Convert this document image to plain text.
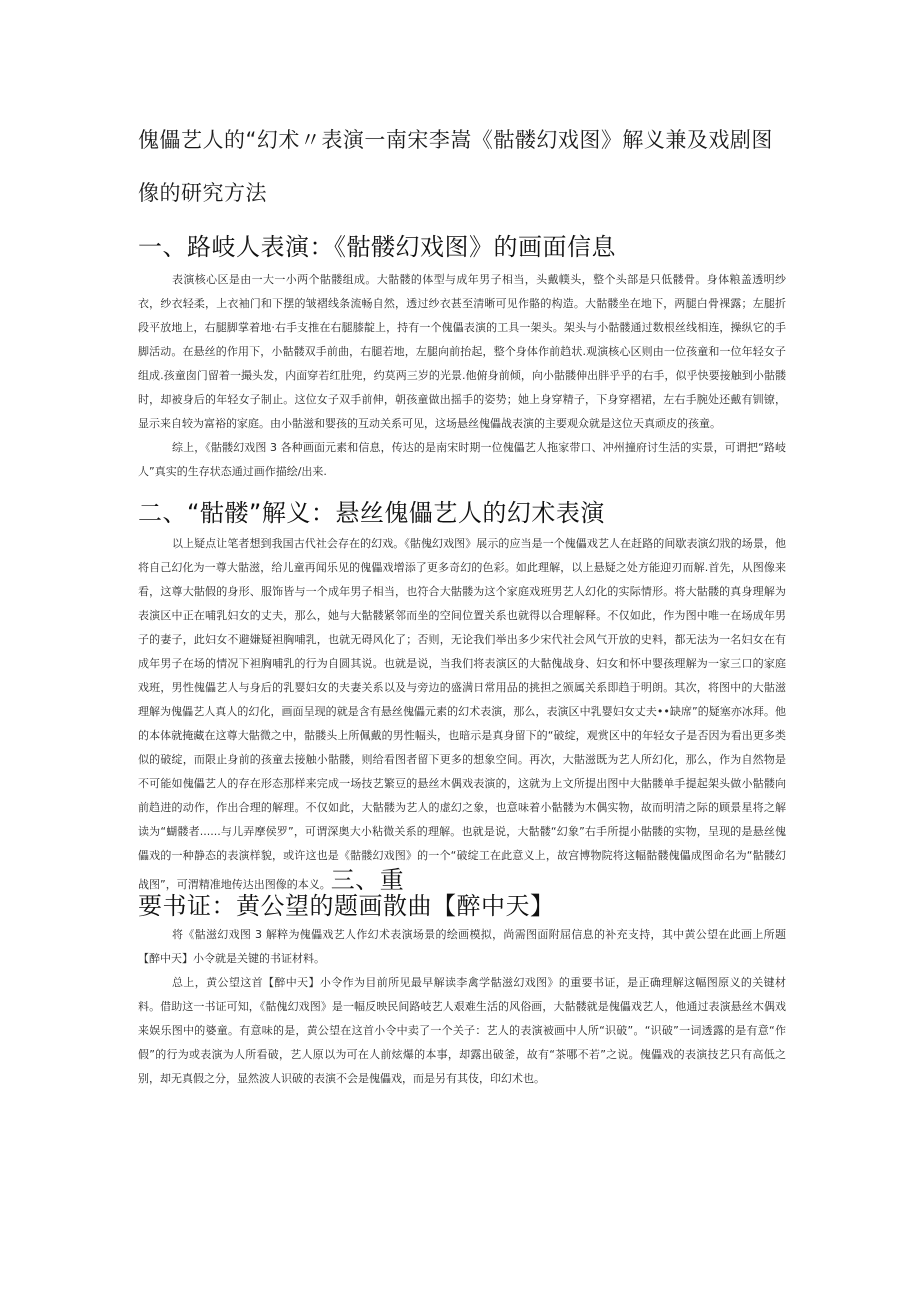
傀儡艺人的“幻术〃表演一南宋李嵩《骷髅幻戏图》解义兼及戏剧图
像的研究方法
一、路岐人表演：《骷髅幻戏图》的画面信息

表演核心区是由一大一小两个骷髅组成。大骷髅的体型与成年男子相当，头戴幞头，整个头部是只低髅骨。身体粮盖透明纱衣，纱衣轻柔，上衣袖门和下摆的皱褶线条流畅自然，透过纱衣甚至清晰可见作骼的构造。大骷髅坐在地下，两腿白骨裸露；左腿折段平放地上，右腿脚掌着地·右手支推在右腿膝靛上，持有一个傀儡表演的工具一架头。架头与小骷髅通过数根丝线相连，操纵它的手脚活动。在悬丝的作用下，小骷髅双手前曲，右腿若地，左腿向前抬起，整个身体作前趋状.观演核心区则由一位孩童和一位年轻女子组成.孩童囱门留着一撮头发，内面穿若红肚兜，约莫两三岁的光景.他俯身前倾，向小骷髅伸出胖乎乎的右手，似乎快要接触到小骷髅时，却被身后的年轻女子制止。这位女子双手前伸，朝孩童做出摇手的姿势；她上身穿精子，下身穿褶裙，左右手腕处还戴有钏镣，显示来自较为富裕的家庭。由小骷滋和婴孩的互动关系可见，这场悬丝傀儡战表演的主要观众就是这位天真顽皮的孩童。

综上，《骷髅幻戏图 3 各种画面元素和信息，传达的是南宋时期一位傀儡艺人拖家带口、冲州撞府讨生活的实景，可谓把“路岐人”真实的生存状态通过画作描绘/出来.

二、“骷髅”解义：悬丝傀儡艺人的幻术表演

以上疑点让笔者想到我国古代社会存在的幻戏。《骷傀幻戏图》展示的应当是一个傀儡戏艺人在赶路的间歇表演幻戕的场景，他将自己幻化为一尊大骷滋，给儿童再闻乐见的傀儡戏增添了更多奇幻的色彩。如此理解，以上悬疑之处方能迎刃而解.首先，从图像来看，这尊大骷假的身形、服饰皆与一个成年男子相当，也符合大骷髅为这个家庭戏班男艺人幻化的实际情形。将大骷髅的真身理解为表演区中正在哺乳妇女的丈夫，那么，她与大骷髅紧邻而坐的空间位置关系也就得以合理解释。不仅如此，作为图中唯一在场成年男子的妻子，此妇女不避嫌疑袒胸哺乳，也就无碍风化了；否则，无论我们举出多少宋代社会风气开放的史料，都无法为一名妇女在有成年男子在场的情况下袒胸哺乳的行为自圆其说。也就是说，当我们将表演区的大骷傀战身、妇女和怀中婴孩理解为一家三口的家庭戏班，男性傀儡艺人与身后的乳婴妇女的夫妻关系以及与旁边的盛满日常用品的挑担之颁属关系即趋于明朗。其次，将图中的大骷滋理解为傀儡艺人真人的幻化，画面呈现的就是含有悬丝傀儡元素的幻术表演，那么，表演区中乳婴妇女丈夫••缺席”的疑塞亦冰拜。他的本体就掩藏在这尊大骷微之中，骷髅头上所佩戴的男性幅头，也暗示是真身留下的“破绽，观赏区中的年轻女子是否因为看出更多类似的破绽，而限止身前的孩童去接触小骷髅，则给看图者留下更多的想象空间。再次，大骷滋既为艺人所幻化，那么，作为自然物是不可能如傀儡艺人的存在形态那样来完成一场技艺繁豆的悬丝木偶戏表演的，这就为上文所提出图中大骷髅单手提起架头做小骷髅向前趋进的动作，作出合理的解理。不仅如此，大骷髅为艺人的虚幻之象，也意味着小骷髅为木偶实物，故而明清之际的顾景星将之解读为“蝴髅者......与儿弄摩侯罗”，可谓深奥大小粘微关系的理解。也就是说，大骷髅“幻象”右手所提小骷髅的实物，呈现的是悬丝傀儡戏的一种静态的表演样貌，或许这也是《骷髅幻戏图》的一个“破绽工在此意义上，故宫博物院将这幅骷髅傀儡成图命名为“骷髅幻战图”，可渭精准地传达出图像的本义。三、重

要书证：黄公望的题画散曲【醉中天】

将《骷滋幻戏图 3 解粹为傀儡戏艺人作幻术表演场景的绘画模拟，尚需图面附屈信息的补充支持，其中黄公望在此画上所题【醉中天】小令就是关键的书证材料。

总上，黄公望这首【醉中天】小令作为目前所见最早解读李禽学骷滋幻戏图》的重要书证，是正确理解这幅图原义的关键材料。借助这一书证可知，《骷傀幻戏图》是一幅反映民间路岐艺人艰难生活的风俗画，大骷髅就是傀儡戏艺人，他通过表演悬丝木偶戏来娱乐图中的婆童。有意味的是，黄公望在这首小令中卖了一个关子：艺人的表演被画中人所“识破”。“识破”一词透露的是有意“作假”的行为或表演为人所看破，艺人原以为可在人前炫爆的本事，却露出破釜，故有“茶哪不若”之说。傀儡戏的表演技艺只有高低之别，却无真假之分，显然波人识破的表演不会是傀儡戏，而是另有其伎，印幻术也。
